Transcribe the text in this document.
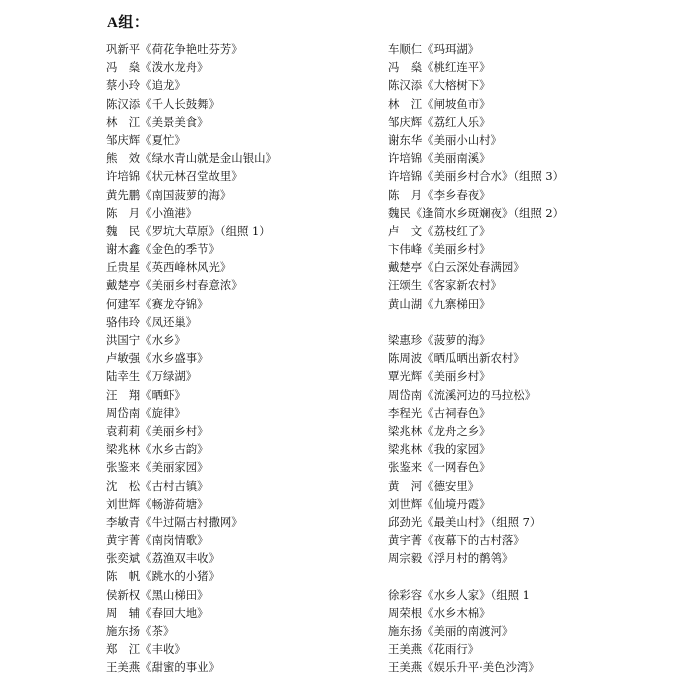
A组：
巩新平《荷花争艳吐芬芳》
冯　燊《泼水龙舟》
蔡小玲《追龙》
陈汉添《千人长鼓舞》
林　江《美景美食》
邹庆辉《夏忙》
熊　效《绿水青山就是金山银山》
许培锦《状元林召堂故里》
黄先鹏《南国菠萝的海》
陈　月《小渔港》
魏　民《罗坑大草原》（组照 1）
谢木鑫《金色的季节》
丘贵星《英西峰林风光》
戴楚亭《美丽乡村春意浓》
何建军《赛龙夺锦》
骆伟玲《凤还巢》
洪国宁《水乡》
卢敏强《水乡盛事》
陆幸生《万绿湖》
汪　翔《晒虾》
周岱南《旋律》
袁莉莉《美丽乡村》
梁兆林《水乡古韵》
张鉴来《美丽家园》
沈　松《古村古镇》
刘世辉《畅游荷塘》
李敏青《牛过隔古村撒网》
黄宇菁《南岗情歌》
张奕斌《荔渔双丰收》
陈　帆《跳水的小猪》
侯新权《黑山梯田》
周　辅《春回大地》
施东扬《茶》
郑　江《丰收》
王美燕《甜蜜的事业》
车顺仁《玛珥湖》
冯　燊《桃红连平》
陈汉添《大榕树下》
林　江《闸坡鱼市》
邹庆辉《荔红人乐》
谢东华《美丽小山村》
许培锦《美丽南溪》
许培锦《美丽乡村合水》（组照 3）
陈　月《李乡春夜》
魏民《逢简水乡斑斓夜》（组照 2）
卢　文《荔枝红了》
卞伟峰《美丽乡村》
戴楚亭《白云深处春满园》
汪颂生《客家新农村》
黄山湖《九寨梯田》
梁惠珍《菠萝的海》
陈周波《晒瓜晒出新农村》
覃光辉《美丽乡村》
周岱南《流溪河边的马拉松》
李程光《古祠春色》
梁兆林《龙舟之乡》
梁兆林《我的家园》
张鉴来《一网春色》
黄　河《德安里》
刘世辉《仙境丹霞》
邱劲光《最美山村》（组照 7）
黄宇菁《夜幕下的古村落》
周宗毅《浮月村的鹡鸰》
徐彩容《水乡人家》（组照 1
周荣根《水乡木棉》
施东扬《美丽的南渡河》
王美燕《花雨行》
王美燕《娱乐升平·美色沙湾》
